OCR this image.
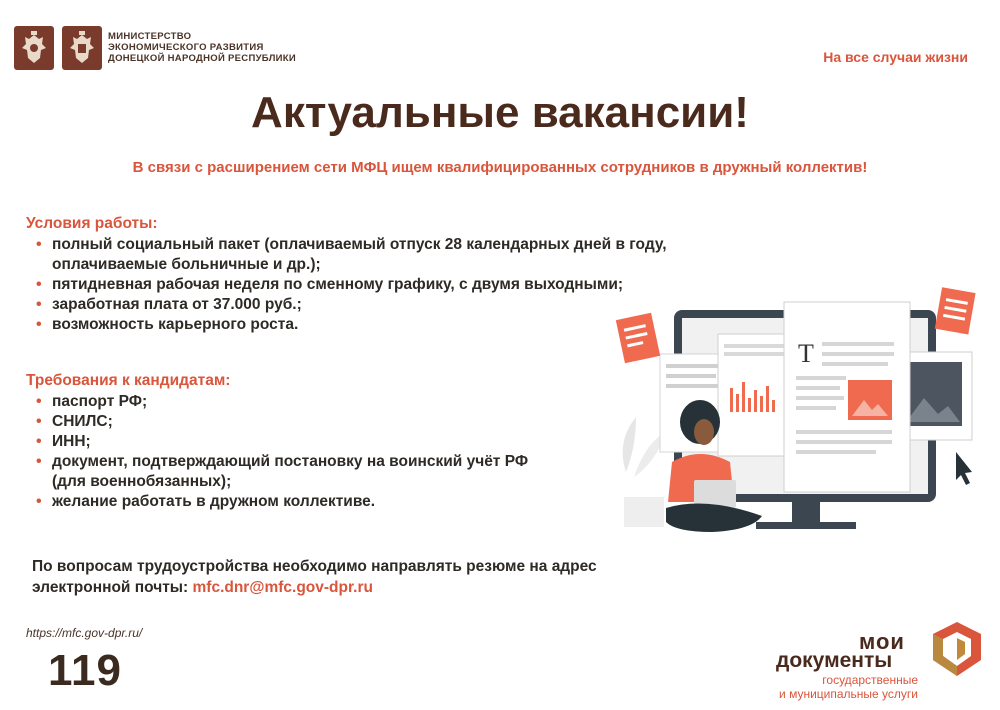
МИНИСТЕРСТВО
ЭКОНОМИЧЕСКОГО РАЗВИТИЯ
ДОНЕЦКОЙ НАРОДНОЙ РЕСПУБЛИКИ	На все случаи жизни
Актуальные вакансии!
В связи с расширением сети МФЦ ищем квалифицированных сотрудников в дружный коллектив!
Условия работы:
• полный социальный пакет (оплачиваемый отпуск 28 календарных дней в году,
оплачиваемые больничные и др.);
• пятидневная рабочая неделя по сменному графику, с двумя выходными;
• заработная плата от 37.000 руб.;
• возможность карьерного роста.
Требования к кандидатам:
• паспорт РФ;
• СНИЛС;
• ИНН;
• документ, подтверждающий постановку на воинский учёт РФ
(для военнобязанных);
• желание работать в дружном коллективе.
T
По вопросам трудоустройства необходимо направлять резюме на адрес
электронной почты: mfc.dnr@mfc.gov-dpr.ru
https://mfc.gov-dpr.ru/
119
мои
документы
государственные
и муниципальные услуги
